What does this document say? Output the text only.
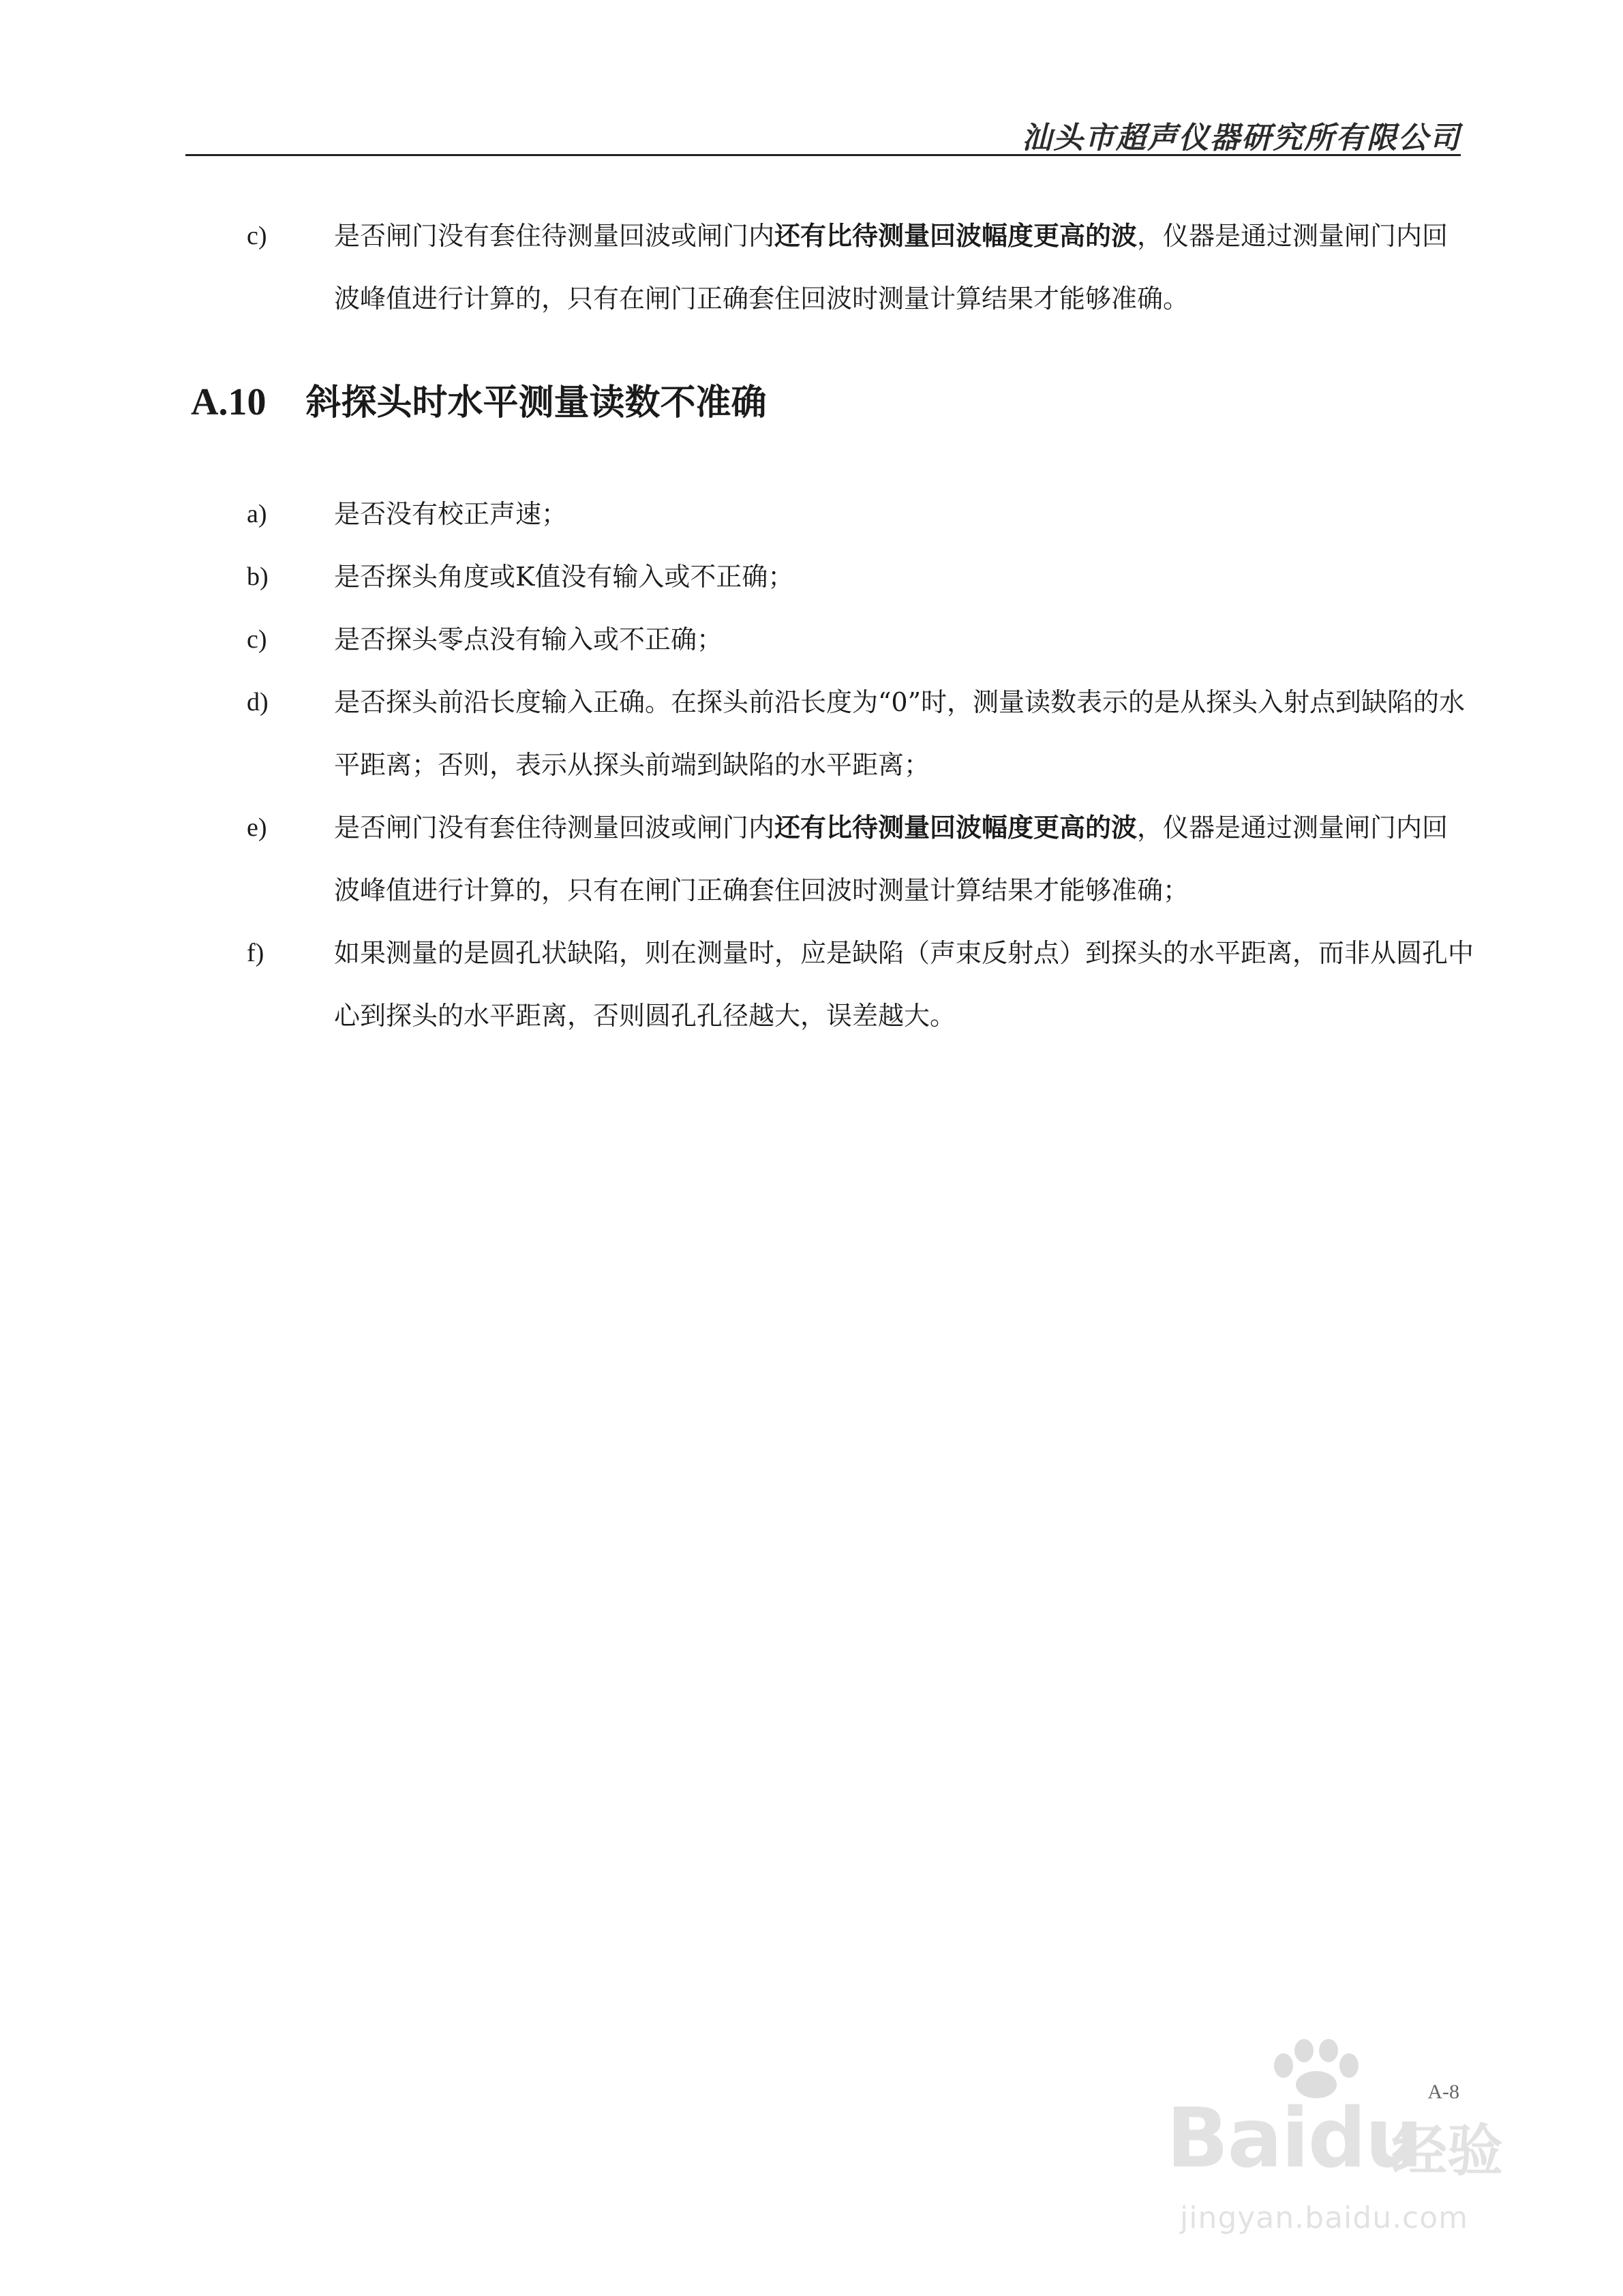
汕头市超声仪器研究所有限公司
c)	是否闸门没有套住待测量回波或闸门内还有比待测量回波幅度更高的波，仪器是通过测量闸门内回波峰值进行计算的，只有在闸门正确套住回波时测量计算结果才能够准确。
A.10 斜探头时水平测量读数不准确
a)	是否没有校正声速；
b)	是否探头角度或K值没有输入或不正确；
c)	是否探头零点没有输入或不正确；
d)	是否探头前沿长度输入正确。在探头前沿长度为“0”时，测量读数表示的是从探头入射点到缺陷的水平距离；否则，表示从探头前端到缺陷的水平距离；
e)	是否闸门没有套住待测量回波或闸门内还有比待测量回波幅度更高的波，仪器是通过测量闸门内回波峰值进行计算的，只有在闸门正确套住回波时测量计算结果才能够准确；
f)	如果测量的是圆孔状缺陷，则在测量时，应是缺陷（声束反射点）到探头的水平距离，而非从圆孔中心到探头的水平距离，否则圆孔孔径越大，误差越大。
A-8
Baidu
经验
jingyan.baidu.com
